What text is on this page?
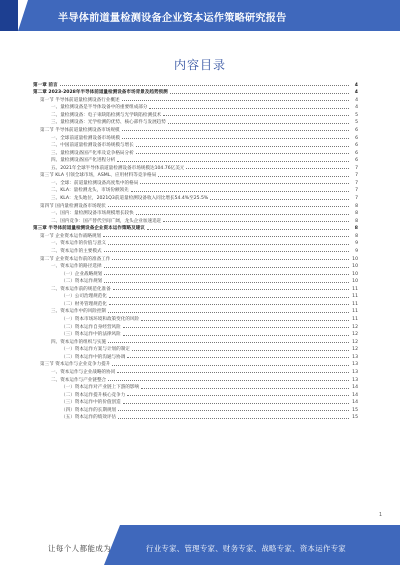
半导体前道量检测设备企业资本运作策略研究报告
内容目录
第一章 前言	4
第二章 2023-2028年半导体前道量检测设备市场背景及趋势预测	4
第一节 半导体前道量检测设备行业概述	4
一、量检测设备是半导体设备中的重要组成部分	4
二、量检测设备：电子束缺陷检测与光学缺陷检测技术	5
三、量检测设备：光学检测的优势、核心部件与发展趋势	5
第二节 半导体前道量检测设备市场规模	6
一、全球前道量检测设备市场规模	6
二、中国前道量检测设备市场规模与增长	6
三、量检测设备国产化率及竞争格局分析	6
四、量检测设备国产化进程分析	6
五、2021年全球半导体前道量检测设备市场规模达104.76亿美元	7
第三节 KLA 引领全球市场，ASML、应用材料等竞争格局	7
一、全球：前道量检测设备高度集中的格局	7
二、KLA：量检测龙头，市场份额领先	7
三、KLA：龙头地位，2021Q3前道量检测设备收入同比增长54.4%至25.5%	7
第四节 国内量检测设备市场现状	8
一、国内：量检测设备市场规模增长较快	8
二、国内竞争：国产替代空间广阔，龙头企业加速追赶	8
第三章 半导体前道量检测设备企业资本运作策略及建议	8
第一节 企业资本运作战略规划	8
一、资本运作的价值与意义	9
二、资本运作的主要模式	9
第二节 企业资本运作前的准备工作	10
一、资本运作的路径选择	10
（一）企业战略规划	10
（二）资本运作规划	10
二、资本运作前的规范化准备	11
（一）公司治理规范化	11
（二）财务管理规范化	11
三、资本运作中的风险控制	11
（一）资本市场环境和政策变化的风险	11
（二）资本运作自身经营风险	12
（三）资本运作中的法律风险	12
四、资本运作的组织与实施	12
（一）资本运作方案与计划的制定	12
（二）资本运作中的沟通与协调	13
第三节 资本运作与企业竞争力提升	13
一、资本运作与企业战略的协同	13
二、资本运作与产业链整合	13
（一）资本运作对产业链上下游的影响	14
（二）资本运作提升核心竞争力	14
（三）资本运作中的价值创造	14
（四）资本运作的长期规划	15
（五）资本运作的绩效评估	15
1
让每个人都能成为	行业专家、管理专家、财务专家、战略专家、资本运作专家
